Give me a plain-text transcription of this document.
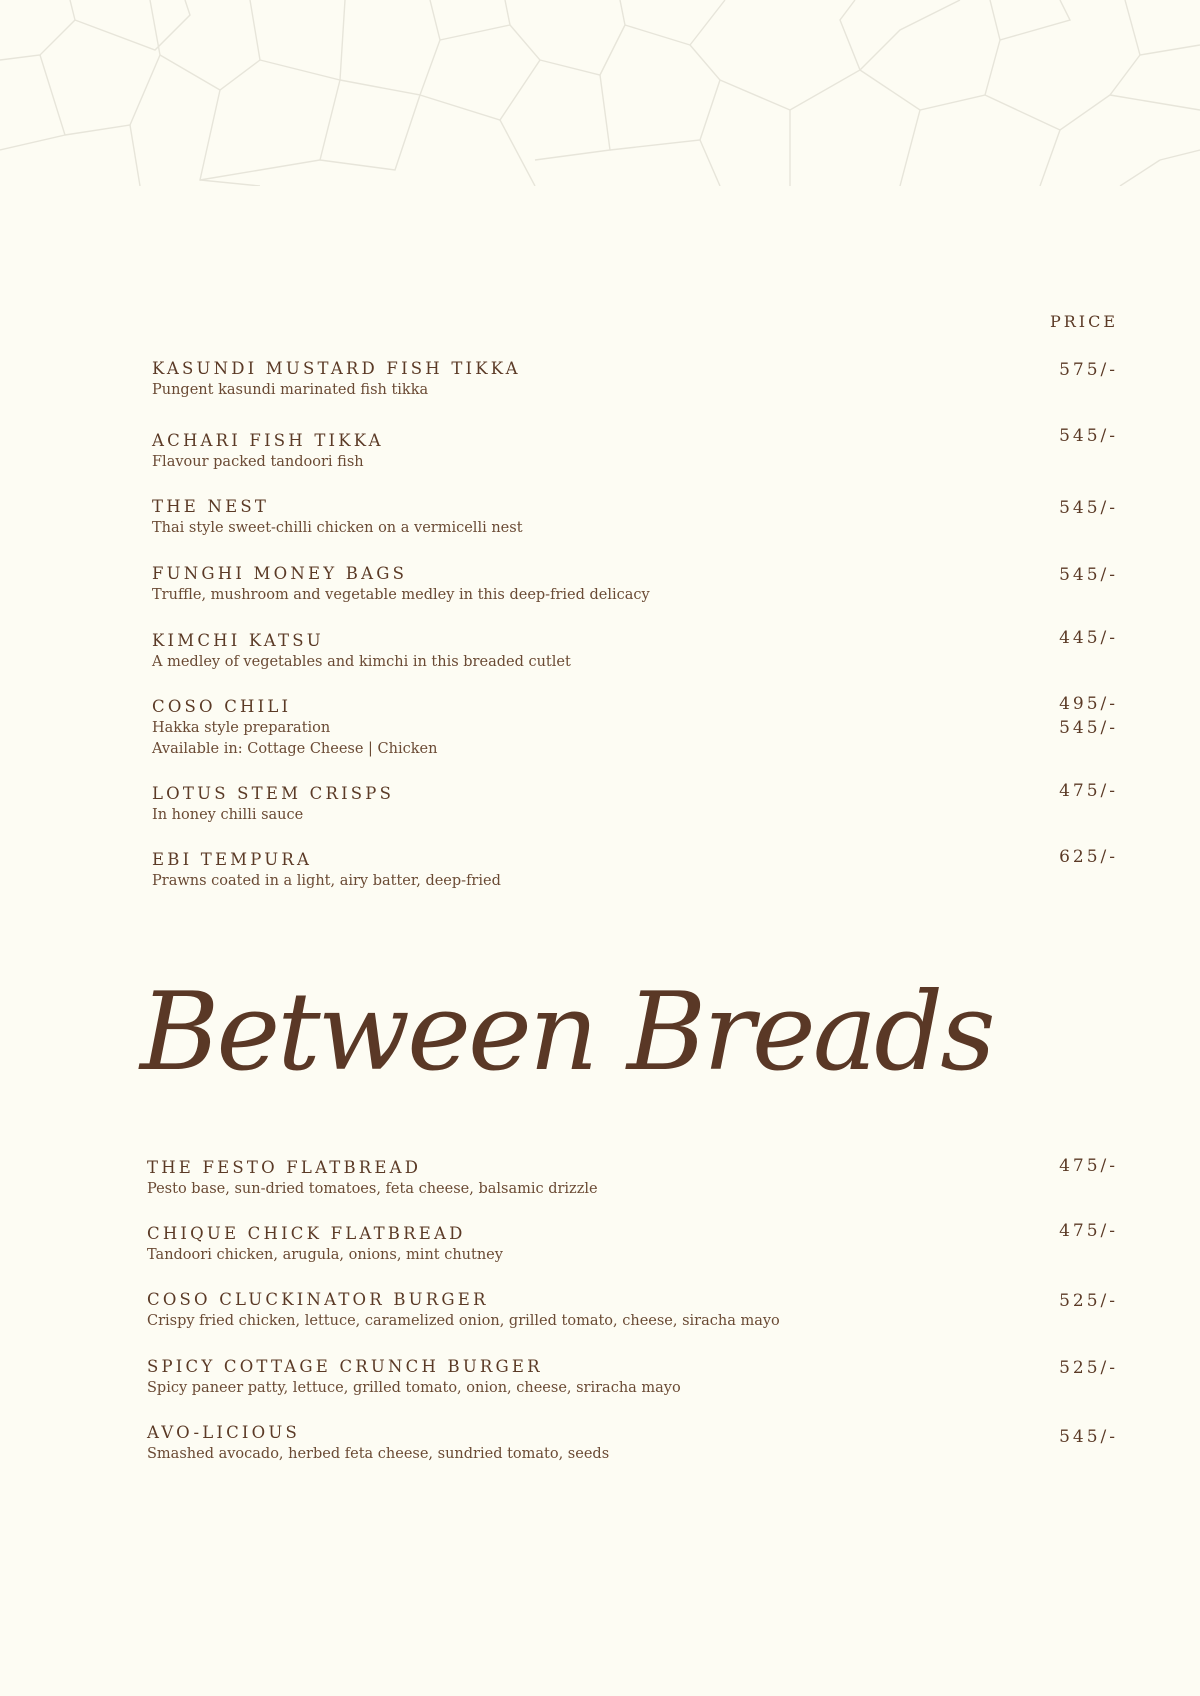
PRICE
KASUNDI MUSTARD FISH TIKKA
Pungent kasundi marinated fish tikka
575/-
ACHARI FISH TIKKA
Flavour packed tandoori fish
545/-
THE NEST
Thai style sweet-chilli chicken on a vermicelli nest
545/-
FUNGHI MONEY BAGS
Truffle, mushroom and vegetable medley in this deep-fried delicacy
545/-
KIMCHI KATSU
A medley of vegetables and kimchi in this breaded cutlet
445/-
COSO CHILI
Hakka style preparation
Available in: Cottage Cheese | Chicken
495/-
545/-
LOTUS STEM CRISPS
In honey chilli sauce
475/-
EBI TEMPURA
Prawns coated in a light, airy batter, deep-fried
625/-
Between Breads
THE FESTO FLATBREAD
Pesto base, sun-dried tomatoes, feta cheese, balsamic drizzle
475/-
CHIQUE CHICK FLATBREAD
Tandoori chicken, arugula, onions, mint chutney
475/-
COSO CLUCKINATOR BURGER
Crispy fried chicken, lettuce, caramelized onion, grilled tomato, cheese, siracha mayo
525/-
SPICY COTTAGE CRUNCH BURGER
Spicy paneer patty, lettuce, grilled tomato, onion, cheese, sriracha mayo
525/-
AVO-LICIOUS
Smashed avocado, herbed feta cheese, sundried tomato, seeds
545/-
